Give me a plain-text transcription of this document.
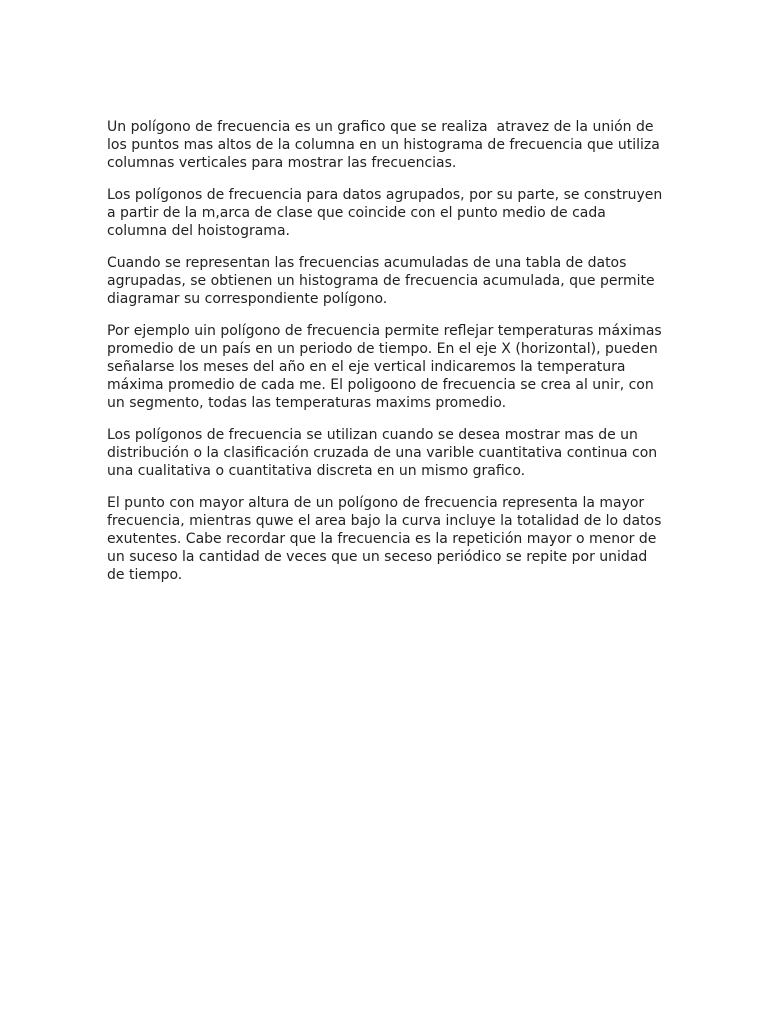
Un polígono de frecuencia es un grafico que se realiza  atravez de la unión de los puntos mas altos de la columna en un histograma de frecuencia que utiliza columnas verticales para mostrar las frecuencias.

Los polígonos de frecuencia para datos agrupados, por su parte, se construyen a partir de la m,arca de clase que coincide con el punto medio de cada columna del hoistograma.

Cuando se representan las frecuencias acumuladas de una tabla de datos agrupadas, se obtienen un histograma de frecuencia acumulada, que permite diagramar su correspondiente polígono.

Por ejemplo uin polígono de frecuencia permite reflejar temperaturas máximas promedio de un país en un periodo de tiempo. En el eje X (horizontal), pueden señalarse los meses del año en el eje vertical indicaremos la temperatura máxima promedio de cada me. El poligoono de frecuencia se crea al unir, con un segmento, todas las temperaturas maxims promedio.

Los polígonos de frecuencia se utilizan cuando se desea mostrar mas de un distribución o la clasificación cruzada de una varible cuantitativa continua con una cualitativa o cuantitativa discreta en un mismo grafico.

El punto con mayor altura de un polígono de frecuencia representa la mayor frecuencia, mientras quwe el area bajo la curva incluye la totalidad de lo datos exutentes. Cabe recordar que la frecuencia es la repetición mayor o menor de un suceso la cantidad de veces que un seceso periódico se repite por unidad de tiempo.
